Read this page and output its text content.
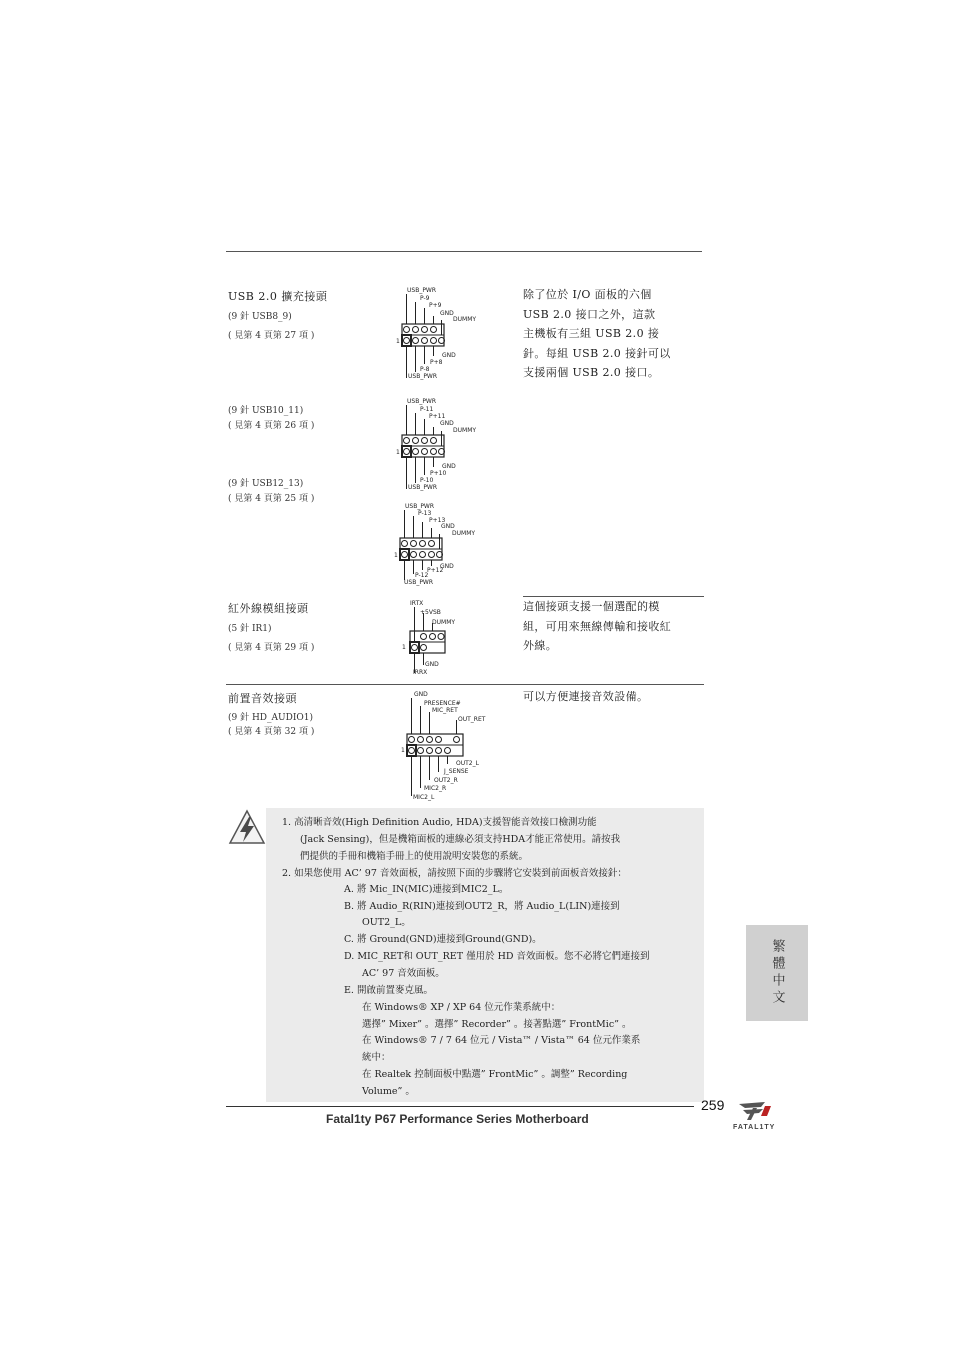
USB 2.0 擴充接頭
(9 針 USB8_9)
( 見第 4 頁第 27 項 )
(9 針 USB10_11)
( 見第 4 頁第 26 項 )
(9 針 USB12_13)
( 見第 4 頁第 25 項 )
除了位於 I/O 面板的六個
USB 2.0 接口之外，這款
主機板有三組 USB 2.0 接
針。每組 USB 2.0 接針可以
支援兩個 USB 2.0 接口。
USB_PWR
P-9
P+9
GND
DUMMY
1
GND
P+8
P-8
USB_PWR
USB_PWR
P-11
P+11
GND
DUMMY
1
GND
P+10
P-10
USB_PWR
USB_PWR
P-13
P+13
GND
DUMMY
1
GND
P+12
P-12
USB_PWR
紅外線模組接頭
(5 針 IR1)
( 見第 4 頁第 29 項 )
這個接頭支援一個選配的模
組，可用來無線傳輸和接收紅
外線。
IRTX
+5VSB
DUMMY
1
GND
IRRX
前置音效接頭
(9 針 HD_AUDIO1)
( 見第 4 頁第 32 項 )
可以方便連接音效設備。
GND
PRESENCE#
MIC_RET
OUT_RET
1
OUT2_L
J_SENSE
OUT2_R
MIC2_R
MIC2_L
1. 高清晰音效(High Definition Audio, HDA)支援智能音效接口檢測功能
(Jack Sensing)，但是機箱面板的連線必須支持HDA才能正常使用。請按我
們提供的手冊和機箱手冊上的使用說明安裝您的系統。
2. 如果您使用 AC’ 97 音效面板，請按照下面的步驟將它安裝到前面板音效接針：
A. 將 Mic_IN(MIC)連接到MIC2_L。
B. 將 Audio_R(RIN)連接到OUT2_R，將 Audio_L(LIN)連接到
OUT2_L。
C. 將 Ground(GND)連接到Ground(GND)。
D. MIC_RET和 OUT_RET 僅用於 HD 音效面板。您不必將它們連接到
AC’ 97 音效面板。
E. 開啟前置麥克風。
在 Windows® XP / XP 64 位元作業系統中：
選擇” Mixer” 。選擇” Recorder” 。接著點選” FrontMic” 。
在 Windows® 7 / 7 64 位元 / Vista™ / Vista™ 64 位元作業系
統中：
在 Realtek 控制面板中點選” FrontMic” 。調整” Recording
Volume” 。
繁體中文
Fatal1ty P67 Performance Series Motherboard
259
FATAL1TY
